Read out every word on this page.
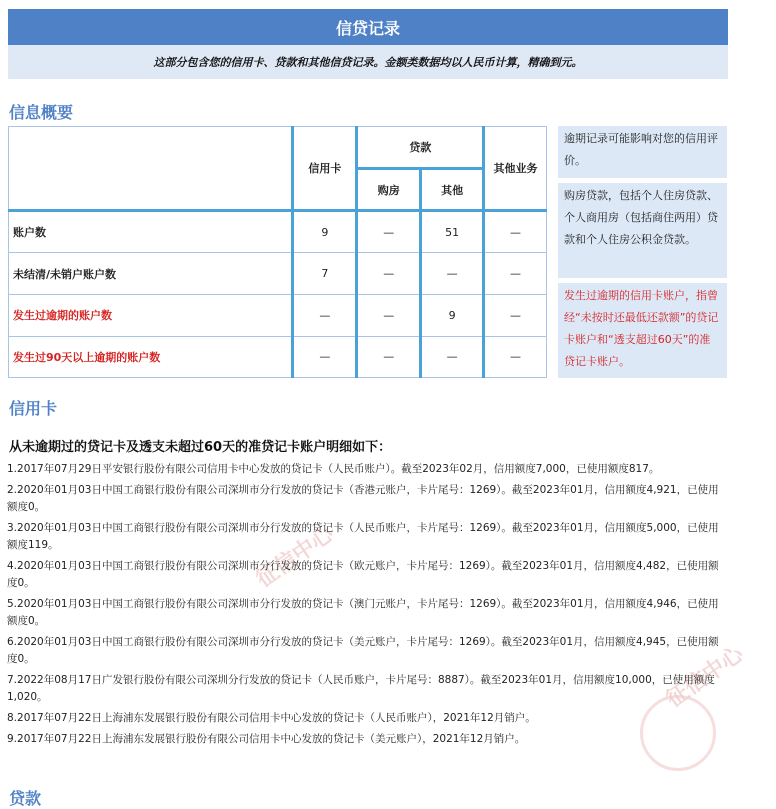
征信中心
征信中心
信贷记录
这部分包含您的信用卡、贷款和其他信贷记录。金额类数据均以人民币计算，精确到元。
信息概要
	信用卡	贷款		其他业务
		购房	其他	
账户数	9	—	51	—
未结清/未销户账户数	7	—	—	—
发生过逾期的账户数	—	—	9	—
发生过90天以上逾期的账户数	—	—	—	—
逾期记录可能影响对您的信用评价。
购房贷款，包括个人住房贷款、个人商用房（包括商住两用）贷款和个人住房公积金贷款。
发生过逾期的信用卡账户，指曾经“未按时还最低还款额”的贷记卡账户和“透支超过60天”的准贷记卡账户。
信用卡
从未逾期过的贷记卡及透支未超过60天的准贷记卡账户明细如下：
1.2017年07月29日平安银行股份有限公司信用卡中心发放的贷记卡（人民币账户）。截至2023年02月，信用额度7,000，已使用额度817。
2.2020年01月03日中国工商银行股份有限公司深圳市分行发放的贷记卡（香港元账户，卡片尾号：1269）。截至2023年01月，信用额度4,921，已使用额度0。
3.2020年01月03日中国工商银行股份有限公司深圳市分行发放的贷记卡（人民币账户，卡片尾号：1269）。截至2023年01月，信用额度5,000，已使用额度119。
4.2020年01月03日中国工商银行股份有限公司深圳市分行发放的贷记卡（欧元账户，卡片尾号：1269）。截至2023年01月，信用额度4,482，已使用额度0。
5.2020年01月03日中国工商银行股份有限公司深圳市分行发放的贷记卡（澳门元账户，卡片尾号：1269）。截至2023年01月，信用额度4,946，已使用额度0。
6.2020年01月03日中国工商银行股份有限公司深圳市分行发放的贷记卡（美元账户，卡片尾号：1269）。截至2023年01月，信用额度4,945，已使用额度0。
7.2022年08月17日广发银行股份有限公司深圳分行发放的贷记卡（人民币账户，卡片尾号：8887）。截至2023年01月，信用额度10,000，已使用额度1,020。
8.2017年07月22日上海浦东发展银行股份有限公司信用卡中心发放的贷记卡（人民币账户），2021年12月销户。
9.2017年07月22日上海浦东发展银行股份有限公司信用卡中心发放的贷记卡（美元账户），2021年12月销户。
贷款
